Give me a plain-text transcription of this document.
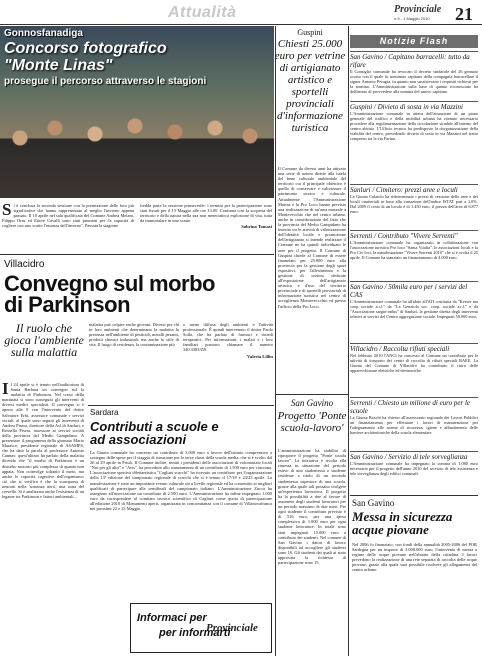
Attualità	Provinciale
n.9 - 1 Maggio 2010 21
Gonnosfanadiga
Concorso fotografico
"Monte Linas"
prosegue il percorso attraverso le stagioni
S i è conclusa la seconda sessione con la premiazione delle foto più significative che hanno rappresentato al meglio l'inverno appena passato. Il 10 aprile nel sala qualificata del Comune Andrea Melani, Filippo Orru ed Ettore Cavalli sono stati premiati per l'a capacità di cogliere con uno scatto l'essenza dell'inverno". Passata la stagione
fredda parte la sessione primaverile: i termini per la partecipazione sono stati fissati per il 15 Maggio alle ore 13.00. Continua così la scoperta del territorio e della natura nella sua non meteriaticca esplosione di vita, tutta da immortalare in uno scatto.
Sabrina Tomasi
Villacidro
Convegno sul morbo
di Parkinson
Il ruolo che gioca l'ambiente sulla malattia
I l 24 aprile si è tenuto nell'auditorium di Santa Barbara un convegno sul la malattia di Parkinson. Nel corso della mattinata si sono susseguiti gli interventi di diversi medici specialisti. Il convegno si è aperto alle 9 con l'intervento del dottor Salvatore Erbì, assessore comunale r servizi sociali, al quale sono seguiti gli interventi di Andrea Pisera, direttore della Asl di Sanluri, e Rossella Pisera, assessore ai servizi sociali della provincia del Medio Campidano. A presentare il programma della giornata Mario Marasco, presidente regionale di ASAMPS, che ha dato la parola al professore Antonio Cannas: quest'ultimo ha parlato della malattia dicendo che "il morbo di Parkinson è un disturbo motorio più complesso di quanto non appaia. Non coinvolge soltanto il moto, ma anche le capacità cognitive dell'organismo; ciò che si verifica è che la scomparsa di neuroni nella 'sostanza nera', una zona del cervello. Si è analizzata anche l'esistenza di un legame tra Parkinson e fattori ambientali...
malattia può colpire anche giovani. Diversi per chi in loro ambienti che determinano la malattia la presenza nell'ambiente di pesticidi, metalli pesanti, prodotti chimici industriali, ma anche lo stile di vita. Il luogo di residenza, la contaminazione più
o meno diffusa degli ambienti e l'attività professionale. È quindi intervenuto il dottor Paolo Solla, che ha parlato di farmaci e rimedi terapeutici. Per informazioni, i malati e i loro familiari possono chiamare il numero 340.3383359.
Valeria Lillin
Sardara
Contributi a scuole e
ad associazioni
La Giunta comunale ha concesso un contributo di 3.000 euro a favore dell'istituto comprensivo a sostegno delle spese per il viaggio di istruzione per le terze classi della scuola media, che si è svolto dal 26 al 29 aprile in Friuli. Il Comune inoltre, sentiti i presidenti delle associazioni di volontariato locali "Noi per gli altri" e "Avis", ha proceduto allo stanziamento di un contributo di 1.500 euro per ciascuna. L'associazione sportiva dilettantistica "Cagliari scacchi" ha ricevuto un contributo per l'organizzazione della 13ª edizione del campionato regionale di scacchi che si è tenuto il 17/18 e 24/25 aprile. La manifestazione è stato un importante evento culturale sia a livello regionale ed ha consentito ai migliori qualificati di partecipare alle semifinali del campionato italiano. L'Amministrazione Zucca ha assegnato all'associazione un contributo di 2.500 euro. L'Amministrazione ha infine impegnato 1.000 euro da corrispondere al comitato tecnico scientifico di Cagliari come quota di partecipazione all'edizione 2010 di Monumenti aperti, organizzata in concomitanza con il comune di Villanovafranca nei prossimi 22 e 23 Maggio.
Informaci per
per informarti
Provinciale
Guspini
Chiesti 25.000 euro per vetrine di artigianato artistico e sportelli provinciali d'informazione turistica
Il Comune da diversi anni ha attivato una serie di azioni dirette alla tutela del bene culturale ambientale del territorio cui il principale obiettivo è quello di conservare e valorizzare il patrimonio storico e culturale. Attualmente l'Amministrazione Marras e la Pro Loco hanno previsto una realizzazione di un'area museale a Montevecchio che nel centro urbano, anche in considerazione del fatto che la provincia del Medio Campidano ha inserito tra le attività di valorizzazione dell'identità locale e promozione dell'artigianato si intende realizzare il Comune ne ha quindi individuato le aree per il progetto. Il Comune di Guspini chiede al Comune di essere finanziato per 25.000 euro alla provincia per la gestione degli spazi espositivi, per l'allestimento e la gestione di sezioni dedicate all'esposizione dell'artigianato artistico e d'uso del territorio provinciale e di sportelli provinciali di informazione turistica nel centro di accoglienza Monteveccchio ed presso l'ufficio della Pro Loco.
San Gavino
Progetto 'Ponte scuola-lavoro'
L'amministrazione ha stabilito di riproporre il progetto "Ponte scuola lavoro". La iniziativa è rivolta alla rimessa in situazione del periodo estivo di uno studentessa o studente residente a titolo di un secondo studentessa superiore di una scuola, grazie alla quale tali possano svolgere un'esperienza lavorativa. Il progetto ha la possibilità a due al favore di assumere degli studenti lavoratori per un periodo massimo di due mesi. Per ogni studente il contributo previsto è di 516 euro, per una spesa complessiva di 1.000 euro per ogni studente lavoratore. In totale sono stati impegnati 15.000 euro a contributo dei studenti. Nel comune di San Gavino i datori di lavoro disponibili ad accogliere gli studenti sono 16. Gli studenti dai quali ai stato approvata la richiesta di partecipazione sono 15.
Notizie Flash
San Gavino / Capitano barracelli: tutto da rifare
Il Consiglio comunale ha revocato il decreto sindacale del 26 gennaio scorso con il quale fu nominato capitano della compagnia barracellare il signor Antonio Perugia, in quanto non sussistevano i requisiti richiesti per la nomina. L'Amministrazione sulla base di quanto riconosciuto ha deliberato di provvedere alla nomina del nuovo capitano.
Guspini / Divieto di sosta in via Mazzini
L'Amministrazione comunale in attesa dell'attuazione di un piano generale del traffico e della mobilità urbana ha ritenuto necessario procedere alla regolamentazione della circolazione stradale all'interno del centro abitato. L'Ufficio tecnico ha predisposto la riorganizzazione della viabilità del centro, prevedendo divieto di sosta in via Mazzini nel tratto compreso tra la via Farina.
Sanluri / Cimitero: prezzi aree e loculi
La Giunta Calaiolo ha rideterminato i prezzi di cessione delle aree e dei loculi cimiteriali in base alla variazione dell'indice ISTAT pari a 1,0%. Dal 2009 il costo di un loculo è di 1.450 euro, il prezzo dell'area di 6.877 euro.
Serrenti / Contributo "Vivere Serrenti"
L'Amministrazione comunale ha organizzato in collaborazione con l'associazione turistica Pro loco "Santa Vitalia", le associazioni locali e la Pro Civ loci, la manifestazione "Vivere Serrenti 2010" che si è svolta il 25 aprile. Il Comune ha stanziato un finanziamento di 4.000 euro.
San Gavino / 50mila euro per i servizi del CAS
L'Amministrazione comunale ha affidato all'ATI costituita da "Kesser ma coop sociale a.r.l." da "La Genziola soc. coop. sociale a.r.l." e da "Associazione sargin-onlus" di Sanluri, la gestione diretta degli interventi relativi ai servizi del Centro aggregazione sociale. Impegnati 50.000 euro.
Villacidro / Raccolta rifiuti speciali
Nel febbraio 2010 l'ANCI ha concesso al Comune un contributo per le attività di trasporto dei centri di raccolta di rifiuti speciali RAEE. La Giunta del Comune di Villacidro ha contribuito il ritiro delle apparecchiature elettriche ed elettroniche.
Serrenti / Chiesto un milione di euro per le scuole
La Giunta Boschi ha chiesto all'assessorato regionale dei Lavori Pubblici un finanziamento per effettuare i lavori di manutenzione per l'adeguamento alle norme di sicurezza, igiene e abbattimento delle barriere architettoniche della scuola elementare.
San Gavino / Servizio di tele sorveglianza
L'Amministrazione comunale ha impegnato la somma di 1.080 euro necessaria per il progetto dell'anno 2010 del servizio di tele assistenza e tele sorveglianza degli edifici comunali.
San Gavino
Messa in sicurezza acque piovane
Nel 2006 fu finanziato, con fondi della annualità 2005-2006 del POR Sardegna per un importo di 3.000.000 euro, l'intervento di messa a regime delle acque piovane nell'abitato della cittadina. I lavori prevedono la realizzazione di una rete separata di raccolta delle acque piovane, grazie alla quale sarà possibile risolvere gli allagamenti del centro urbano.
